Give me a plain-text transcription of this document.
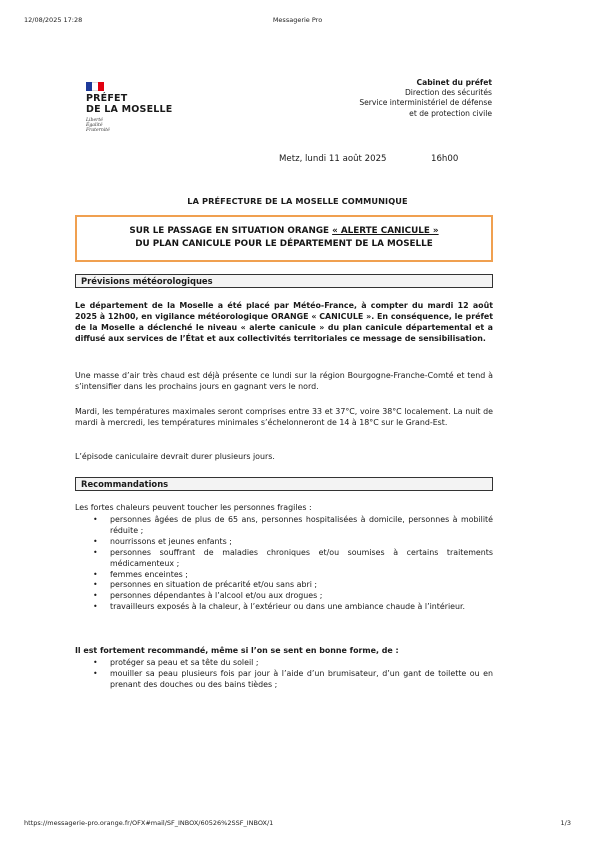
12/08/2025 17:28	Messagerie Pro
PRÉFET
DE LA MOSELLE
Liberté
Égalité
Fraternité
Cabinet du préfet
Direction des sécurités
Service interministériel de défense
et de protection civile
Metz, lundi 11 août 2025	16h00
LA PRÉFECTURE DE LA MOSELLE COMMUNIQUE
SUR LE PASSAGE EN SITUATION ORANGE « ALERTE CANICULE »
DU PLAN CANICULE POUR LE DÉPARTEMENT DE LA MOSELLE
Prévisions météorologiques
Le département de la Moselle a été placé par Météo-France, à compter du mardi 12 août 2025 à 12h00, en vigilance météorologique ORANGE « CANICULE ». En conséquence, le préfet de la Moselle a déclenché le niveau « alerte canicule » du plan canicule départemental et a diffusé aux services de l’État et aux collectivités territoriales ce message de sensibilisation.
Une masse d’air très chaud est déjà présente ce lundi sur la région Bourgogne-Franche-Comté et tend à s’intensifier dans les prochains jours en gagnant vers le nord.
Mardi, les températures maximales seront comprises entre 33 et 37°C, voire 38°C localement. La nuit de mardi à mercredi, les températures minimales s’échelonneront de 14 à 18°C sur le Grand-Est.
L’épisode caniculaire devrait durer plusieurs jours.
Recommandations
Les fortes chaleurs peuvent toucher les personnes fragiles :
• personnes âgées de plus de 65 ans, personnes hospitalisées à domicile, personnes à mobilité réduite ;
• nourrissons et jeunes enfants ;
• personnes souffrant de maladies chroniques et/ou soumises à certains traitements médicamenteux ;
• femmes enceintes ;
• personnes en situation de précarité et/ou sans abri ;
• personnes dépendantes à l’alcool et/ou aux drogues ;
• travailleurs exposés à la chaleur, à l’extérieur ou dans une ambiance chaude à l’intérieur.
Il est fortement recommandé, même si l’on se sent en bonne forme, de :
• protéger sa peau et sa tête du soleil ;
• mouiller sa peau plusieurs fois par jour à l’aide d’un brumisateur, d’un gant de toilette ou en prenant des douches ou des bains tièdes ;
https://messagerie-pro.orange.fr/OFX#mail/SF_INBOX/60526%2SSF_INBOX/1	1/3
